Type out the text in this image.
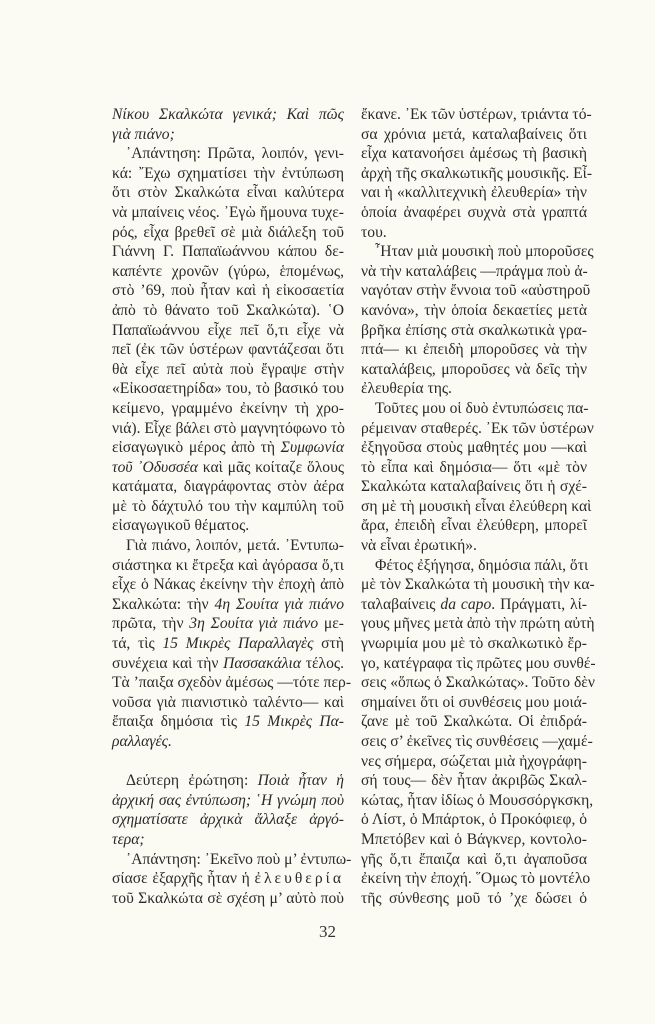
Νίκου Σκαλκώτα γενικά; Καὶ πῶς
γιὰ πιάνο;
᾿Απάντηση: Πρῶτα, λοιπόν, γενι-
κά: ῎Εχω σχηματίσει τὴν ἐντύπωση
ὅτι στὸν Σκαλκώτα εἶναι καλύτερα
νὰ μπαίνεις νέος. ᾿Εγὼ ἤμουνα τυχε-
ρός, εἶχα βρεθεῖ σὲ μιὰ διάλεξη τοῦ
Γιάννη Γ. Παπαϊωάννου κάπου δε-
καπέντε χρονῶν (γύρω, ἑπομένως,
στὸ ’69, ποὺ ἦταν καὶ ἡ εἰκοσαετία
ἀπὸ τὸ θάνατο τοῦ Σκαλκώτα). ῾Ο
Παπαϊωάννου εἶχε πεῖ ὅ,τι εἶχε νὰ
πεῖ (ἐκ τῶν ὑστέρων φαντάζεσαι ὅτι
θὰ εἶχε πεῖ αὐτὰ ποὺ ἔγραψε στὴν
«Εἰκοσαετηρίδα» του, τὸ βασικό του
κείμενο, γραμμένο ἐκείνην τὴ χρο-
νιά). Εἶχε βάλει στὸ μαγνητόφωνο τὸ
εἰσαγωγικὸ μέρος ἀπὸ τὴ Συμφωνία
τοῦ ᾿Οδυσσέα καὶ μᾶς κοίταζε ὅλους
κατάματα, διαγράφοντας στὸν ἀέρα
μὲ τὸ δάχτυλό του τὴν καμπύλη τοῦ
εἰσαγωγικοῦ θέματος.
Γιὰ πιάνο, λοιπόν, μετά. ᾿Εντυπω-
σιάστηκα κι ἔτρεξα καὶ ἀγόρασα ὅ,τι
εἶχε ὁ Νάκας ἐκείνην τὴν ἐποχὴ ἀπὸ
Σκαλκώτα: τὴν 4η Σουίτα γιὰ πιάνο
πρῶτα, τὴν 3η Σουίτα γιὰ πιάνο με-
τά, τὶς 15 Μικρὲς Παραλλαγὲς στὴ
συνέχεια καὶ τὴν Πασσακάλια τέλος.
Τὰ ’παιξα σχεδὸν ἀμέσως —τότε περ-
νοῦσα γιὰ πιανιστικὸ ταλέντο— καὶ
ἔπαιξα δημόσια τὶς 15 Μικρὲς Πα-
ραλλαγές.
Δεύτερη ἐρώτηση: Ποιὰ ἦταν ἡ
ἀρχική σας ἐντύπωση; ῾Η γνώμη ποὺ
σχηματίσατε ἀρχικὰ ἄλλαξε ἀργό-
τερα;
᾿Απάντηση: ᾿Εκεῖνο ποὺ μ’ ἐντυπω-
σίασε ἐξαρχῆς ἦταν ἡ ἐλευθερία
τοῦ Σκαλκώτα σὲ σχέση μ’ αὐτὸ ποὺ
ἔκανε. ᾿Εκ τῶν ὑστέρων, τριάντα τό-
σα χρόνια μετά, καταλαβαίνεις ὅτι
εἶχα κατανοήσει ἀμέσως τὴ βασικὴ
ἀρχὴ τῆς σκαλκωτικῆς μουσικῆς. Εἶ-
ναι ἡ «καλλιτεχνικὴ ἐλευθερία» τὴν
ὁποία ἀναφέρει συχνὰ στὰ γραπτά
του.
῏Ηταν μιὰ μουσικὴ ποὺ μποροῦσες
νὰ τὴν καταλάβεις —πράγμα ποὺ ἀ-
ναγόταν στὴν ἔννοια τοῦ «αὐστηροῦ
κανόνα», τὴν ὁποία δεκαετίες μετὰ
βρῆκα ἐπίσης στὰ σκαλκωτικὰ γρα-
πτά— κι ἐπειδὴ μποροῦσες νὰ τὴν
καταλάβεις, μποροῦσες νὰ δεῖς τὴν
ἐλευθερία της.
Τοῦτες μου οἱ δυὸ ἐντυπώσεις πα-
ρέμειναν σταθερές. ᾿Εκ τῶν ὑστέρων
ἐξηγοῦσα στοὺς μαθητές μου —καὶ
τὸ εἶπα καὶ δημόσια— ὅτι «μὲ τὸν
Σκαλκώτα καταλαβαίνεις ὅτι ἡ σχέ-
ση μὲ τὴ μουσικὴ εἶναι ἐλεύθερη καὶ
ἄρα, ἐπειδὴ εἶναι ἐλεύθερη, μπορεῖ
νὰ εἶναι ἐρωτική».
Φέτος ἐξήγησα, δημόσια πάλι, ὅτι
μὲ τὸν Σκαλκώτα τὴ μουσικὴ τὴν κα-
ταλαβαίνεις da capo. Πράγματι, λί-
γους μῆνες μετὰ ἀπὸ τὴν πρώτη αὐτὴ
γνωριμία μου μὲ τὸ σκαλκωτικὸ ἔρ-
γο, κατέγραφα τὶς πρῶτες μου συνθέ-
σεις «ὅπως ὁ Σκαλκώτας». Τοῦτο δὲν
σημαίνει ὅτι οἱ συνθέσεις μου μοιά-
ζανε μὲ τοῦ Σκαλκώτα. Οἱ ἐπιδρά-
σεις σ’ ἐκεῖνες τὶς συνθέσεις —χαμέ-
νες σήμερα, σώζεται μιὰ ἠχογράφη-
σή τους— δὲν ἦταν ἀκριβῶς Σκαλ-
κώτας, ἦταν ἰδίως ὁ Μουσσόργκσκη,
ὁ Λίστ, ὁ Μπάρτοκ, ὁ Προκόφιεφ, ὁ
Μπετόβεν καὶ ὁ Βάγκνερ, κοντολο-
γῆς ὅ,τι ἔπαιζα καὶ ὅ,τι ἀγαποῦσα
ἐκείνη τὴν ἐποχή. ῞Ομως τὸ μοντέλο
τῆς σύνθεσης μοῦ τό ’χε δώσει ὁ
32
